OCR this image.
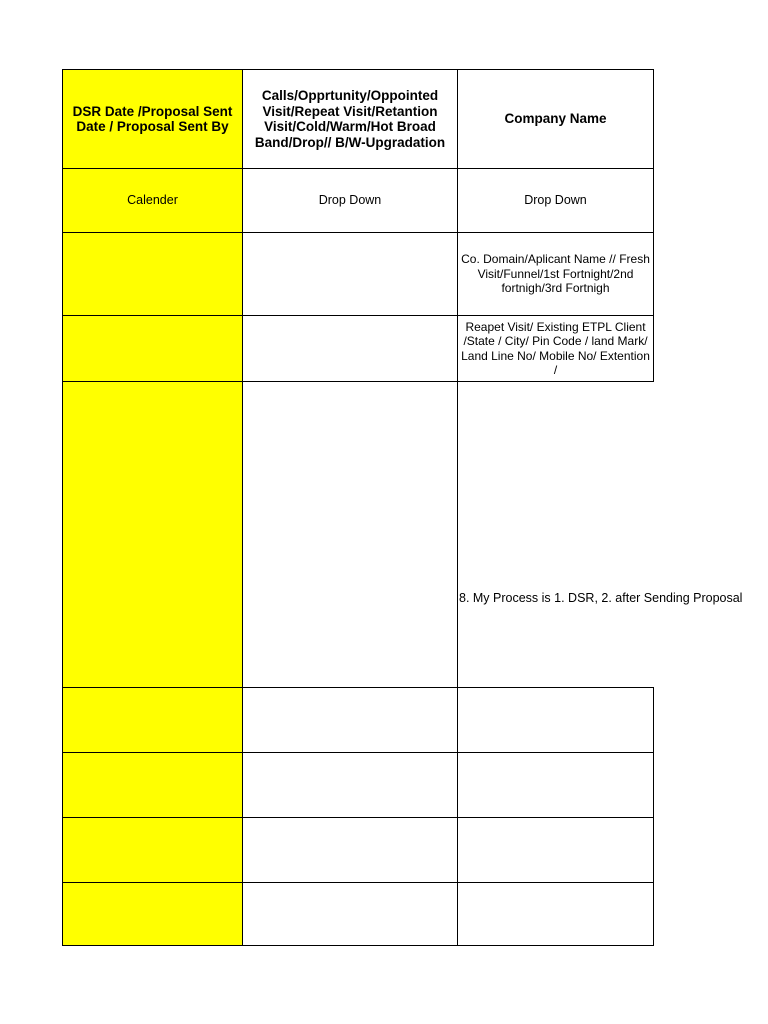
DSR Date /Proposal Sent Date / Proposal Sent By
Calls/Opprtunity/Oppointed Visit/Repeat Visit/Retantion Visit/Cold/Warm/Hot Broad Band/Drop// B/W-Upgradation
Company Name
Calender	Drop Down	Drop Down
Co. Domain/Aplicant Name // Fresh Visit/Funnel/1st Fortnight/2nd fortnigh/3rd Fortnigh
Reapet Visit/ Existing ETPL Client /State / City/ Pin Code / land Mark/ Land Line No/ Mobile No/ Extention /
8. My Process is 1. DSR, 2. after Sending Proposal
